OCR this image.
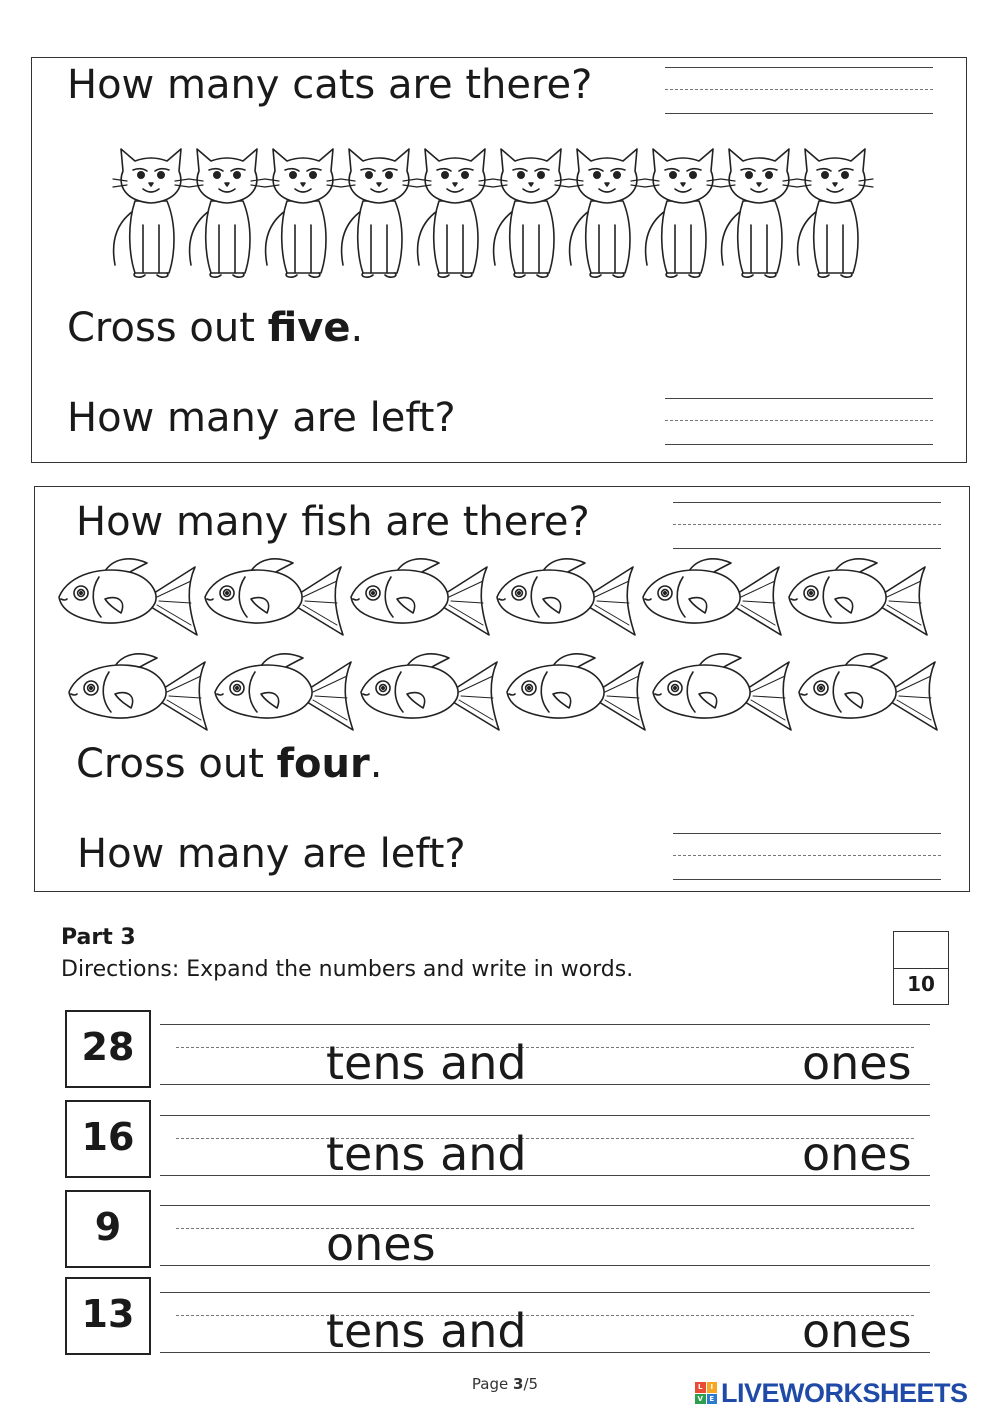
How many cats are there?
Cross out five.
How many are left?
How many fish are there?
Cross out four.
How many are left?
Part 3
Directions: Expand the numbers and write in words.
10
28	tens and	ones
16	tens and	ones
9	ones
13	tens and	ones
Page 3/5	L	I
V E LIVEWORKSHEETS
